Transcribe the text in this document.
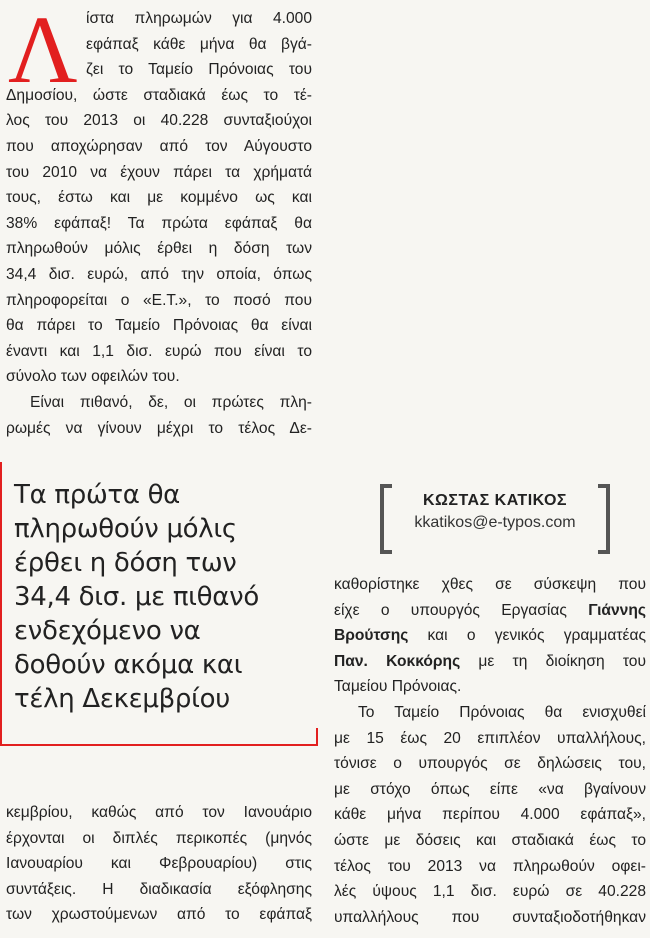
Λ ίστα πληρωμών για 4.000
εφάπαξ κάθε μήνα θα βγά-
ζει το Ταμείο Πρόνοιας του
Δημοσίου, ώστε σταδιακά έως το τέ-
λος του 2013 οι 40.228 συνταξιούχοι
που αποχώρησαν από τον Αύγουστο
του 2010 να έχουν πάρει τα χρήματά
τους, έστω και με κομμένο ως και
38% εφάπαξ! Τα πρώτα εφάπαξ θα
πληρωθούν μόλις έρθει η δόση των
34,4 δισ. ευρώ, από την οποία, όπως
πληροφορείται ο «Ε.Τ.», το ποσό που
θα πάρει το Ταμείο Πρόνοιας θα είναι
έναντι και 1,1 δισ. ευρώ που είναι το
σύνολο των οφειλών του.
Είναι πιθανό, δε, οι πρώτες πλη-
ρωμές να γίνουν μέχρι το τέλος Δε-
Τα πρώτα θα
πληρωθούν μόλις
έρθει η δόση των
34,4 δισ. με πιθανό
ενδεχόμενο να
δοθούν ακόμα και
τέλη Δεκεμβρίου
ΚΩΣΤΑΣ ΚΑΤΙΚΟΣ
kkatikos@e-typos.com
κεμβρίου, καθώς από τον Ιανουάριο
έρχονται οι διπλές περικοπές (μηνός
Ιανουαρίου και Φεβρουαρίου) στις
συντάξεις. Η διαδικασία εξόφλησης
των χρωστούμενων από το εφάπαξ
καθορίστηκε χθες σε σύσκεψη που
είχε ο υπουργός Εργασίας Γιάννης
Βρούτσης και ο γενικός γραμματέας
Παν. Κοκκόρης με τη διοίκηση του
Ταμείου Πρόνοιας.
Το Ταμείο Πρόνοιας θα ενισχυθεί
με 15 έως 20 επιπλέον υπαλλήλους,
τόνισε ο υπουργός σε δηλώσεις του,
με στόχο όπως είπε «να βγαίνουν
κάθε μήνα περίπου 4.000 εφάπαξ»,
ώστε με δόσεις και σταδιακά έως το
τέλος του 2013 να πληρωθούν οφει-
λές ύψους 1,1 δισ. ευρώ σε 40.228
υπαλλήλους που συνταξιοδοτήθηκαν
